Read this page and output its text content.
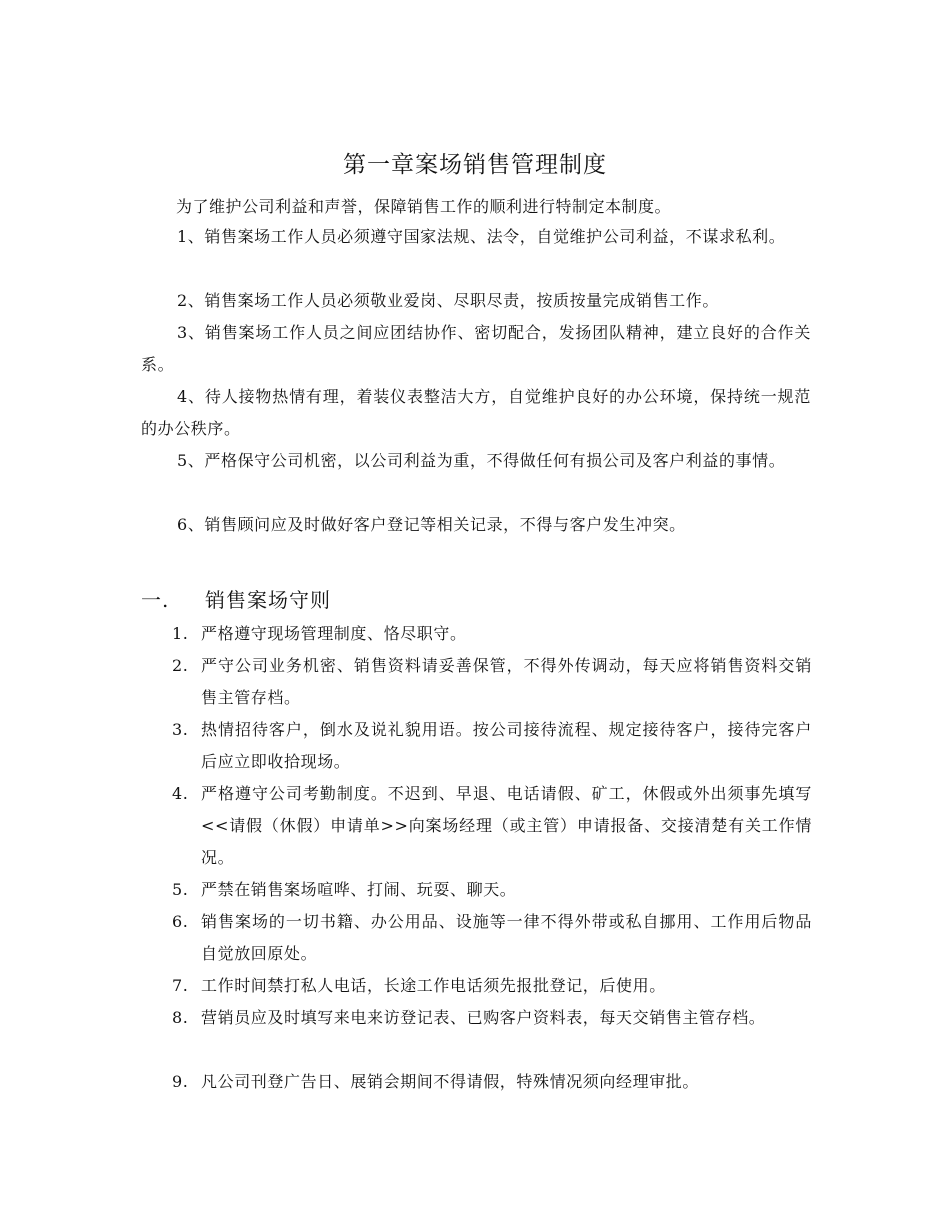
第一章案场销售管理制度
为了维护公司利益和声誉，保障销售工作的顺利进行特制定本制度。
1、销售案场工作人员必须遵守国家法规、法令，自觉维护公司利益，不谋求私利。
2、销售案场工作人员必须敬业爱岗、尽职尽责，按质按量完成销售工作。
3、销售案场工作人员之间应团结协作、密切配合，发扬团队精神，建立良好的合作关系。
4、待人接物热情有理，着装仪表整洁大方，自觉维护良好的办公环境，保持统一规范的办公秩序。
5、严格保守公司机密，以公司利益为重，不得做任何有损公司及客户利益的事情。
6、销售顾问应及时做好客户登记等相关记录，不得与客户发生冲突。
一. 销售案场守则
1. 严格遵守现场管理制度、恪尽职守。
2. 严守公司业务机密、销售资料请妥善保管，不得外传调动，每天应将销售资料交销售主管存档。
3. 热情招待客户，倒水及说礼貌用语。按公司接待流程、规定接待客户，接待完客户后应立即收拾现场。
4. 严格遵守公司考勤制度。不迟到、早退、电话请假、矿工，休假或外出须事先填写<<请假（休假）申请单>>向案场经理（或主管）申请报备、交接清楚有关工作情况。
5. 严禁在销售案场喧哗、打闹、玩耍、聊天。
6. 销售案场的一切书籍、办公用品、设施等一律不得外带或私自挪用、工作用后物品自觉放回原处。
7. 工作时间禁打私人电话，长途工作电话须先报批登记，后使用。
8. 营销员应及时填写来电来访登记表、已购客户资料表，每天交销售主管存档。
9. 凡公司刊登广告日、展销会期间不得请假，特殊情况须向经理审批。
